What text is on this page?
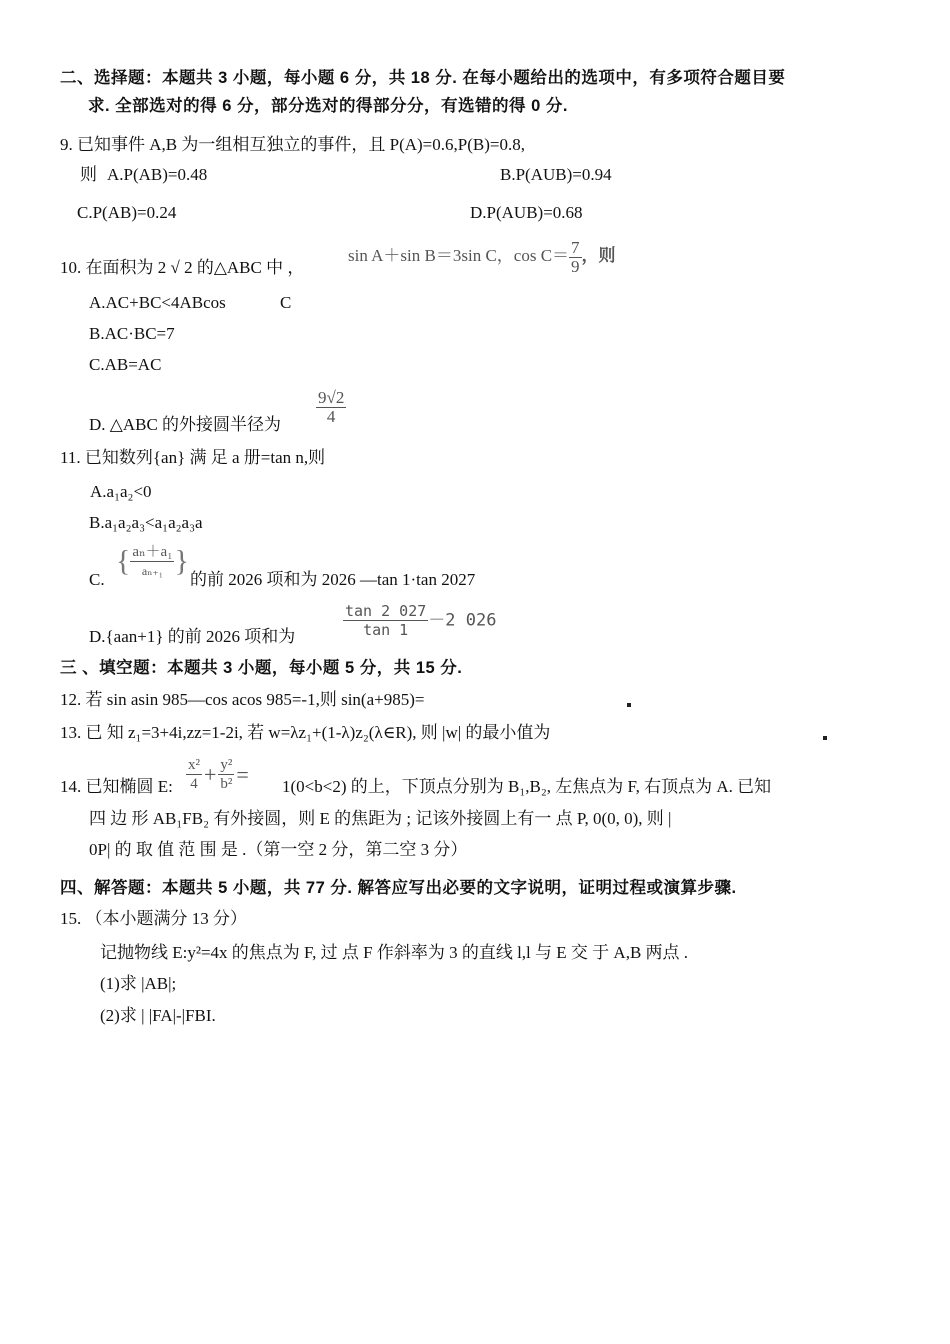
二、选择题：本题共 3 小题，每小题 6 分，共 18 分. 在每小题给出的选项中，有多项符合题目要
求. 全部选对的得 6 分，部分选对的得部分分，有选错的得 0 分.
9. 已知事件 A,B 为一组相互独立的事件，且 P(A)=0.6,P(B)=0.8,
则 A.P(AB)=0.48	B.P(AUB)=0.94
C.P(AB)=0.24	D.P(AUB)=0.68
10. 在面积为 2 √ 2 的△ABC 中 ，
sin A＋sin B＝3sin C，$\cos C= \frac{7}{9}$ ，则
A.AC+BC<4ABcos	C
B.AC·BC=7
C.AB=AC
D. △ABC 的外接圆半径为 $\frac{9√2}{4}$
11. 已知数列{an} 满 足 a 册=tan n,则
A.a₁a₂<0
B.a₁a₂a₃<a₁a₂a₃a
C.
{ $\frac{\text{aₙ＋a₁}}{\text{aₙ₊₁}}$ }
的前 2026 项和为 2026 —tan 1·tan 2027
D.{aan+1} 的前 2026 项和为	$\frac{\tan 2 027}{\tan 1} -2$ 026
三 、填空题：本题共 3 小题，每小题 5 分，共 15 分.
12. 若 sin asin 985—cos acos 985=-1,则 sin(a+985)=
13. 已 知 z₁=3+4i,zz=1-2i, 若 w=λz₁+(1-λ)z₂(λ∈R), 则 |w| 的最小值为
14. 已知椭圆 E: $\frac{\text{x²}}{4} + \frac{\text{y²}}{\text{b²}} = 1(0<b<2)$ 的上，下顶点分别为 B₁,B₂, 左焦点为 F, 右顶点为 A. 已知
四 边 形 AB₁FB₂ 有外接圆，则 E 的焦距为 ; 记该外接圆上有一 点 P, 0(0, 0), 则 |
0P| 的 取 值 范 围 是 .（第一空 2 分，第二空 3 分）
四、解答题：本题共 5 小题，共 77 分. 解答应写出必要的文字说明，证明过程或演算步骤.
15. （本小题满分 13 分）
记抛物线 E:y²=4x 的焦点为 F, 过 点 F 作斜率为 3 的直线 l,l 与 E 交 于 A,B 两点 .
(1)求 |AB|;
(2)求 | |FA|-|FBI.
